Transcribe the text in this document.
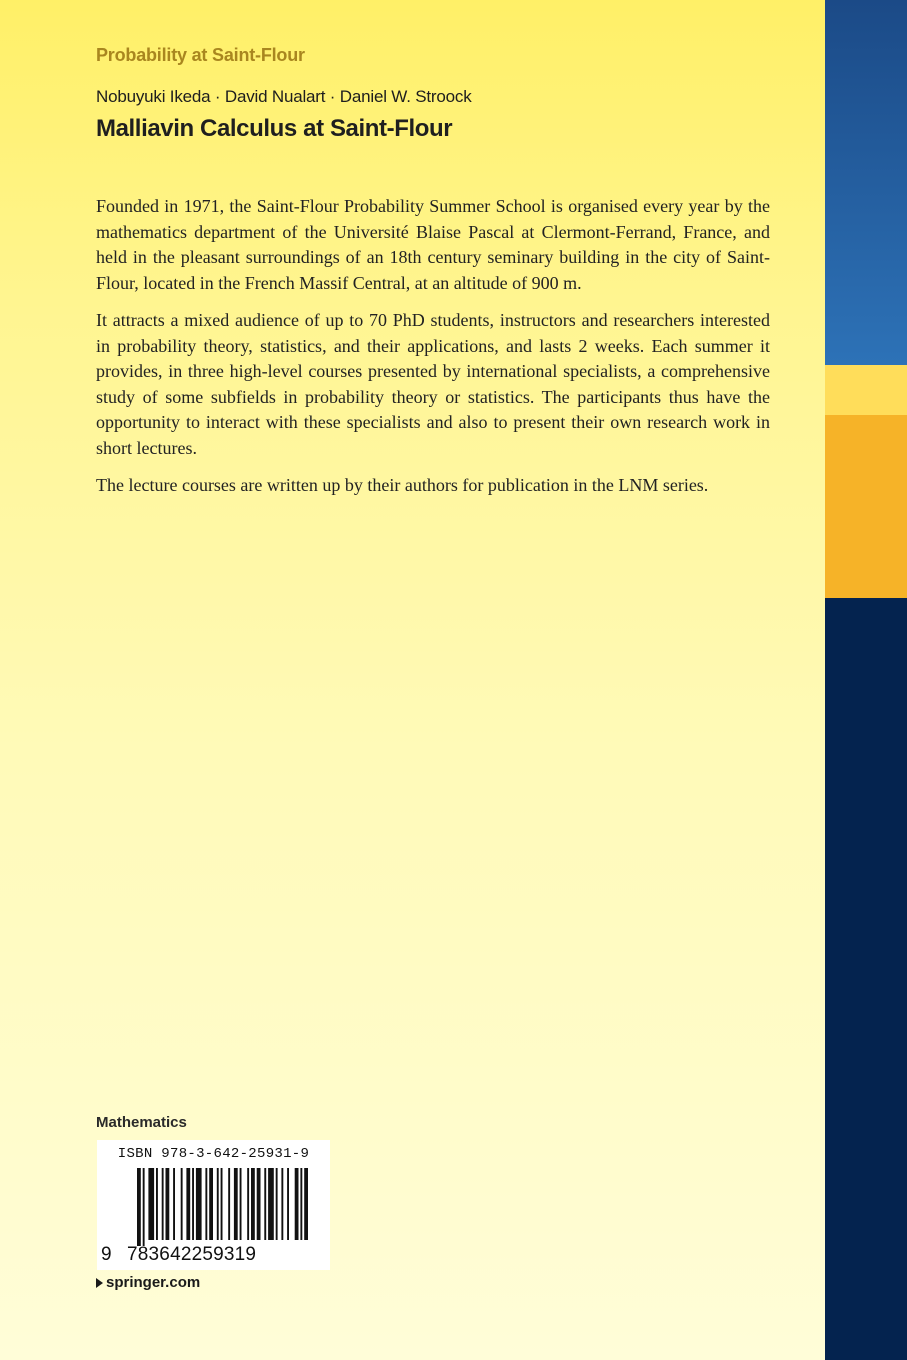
Probability at Saint-Flour

Nobuyuki Ikeda · David Nualart · Daniel W. Stroock

Malliavin Calculus at Saint-Flour

Founded in 1971, the Saint-Flour Probability Summer School is organised every year by the mathematics department of the Université Blaise Pascal at Clermont-Ferrand, France, and held in the pleasant surroundings of an 18th century seminary building in the city of Saint-Flour, located in the French Massif Central, at an altitude of 900 m.

It attracts a mixed audience of up to 70 PhD students, instructors and researchers interested in probability theory, statistics, and their applications, and lasts 2 weeks. Each summer it provides, in three high-level courses presented by international specialists, a comprehensive study of some subfields in probability theory or statistics. The participants thus have the opportunity to interact with these specialists and also to present their own research work in short lectures.

The lecture courses are written up by their authors for publication in the LNM series.

Mathematics

ISBN 978-3-642-25931-9
9 783642259319

springer.com
